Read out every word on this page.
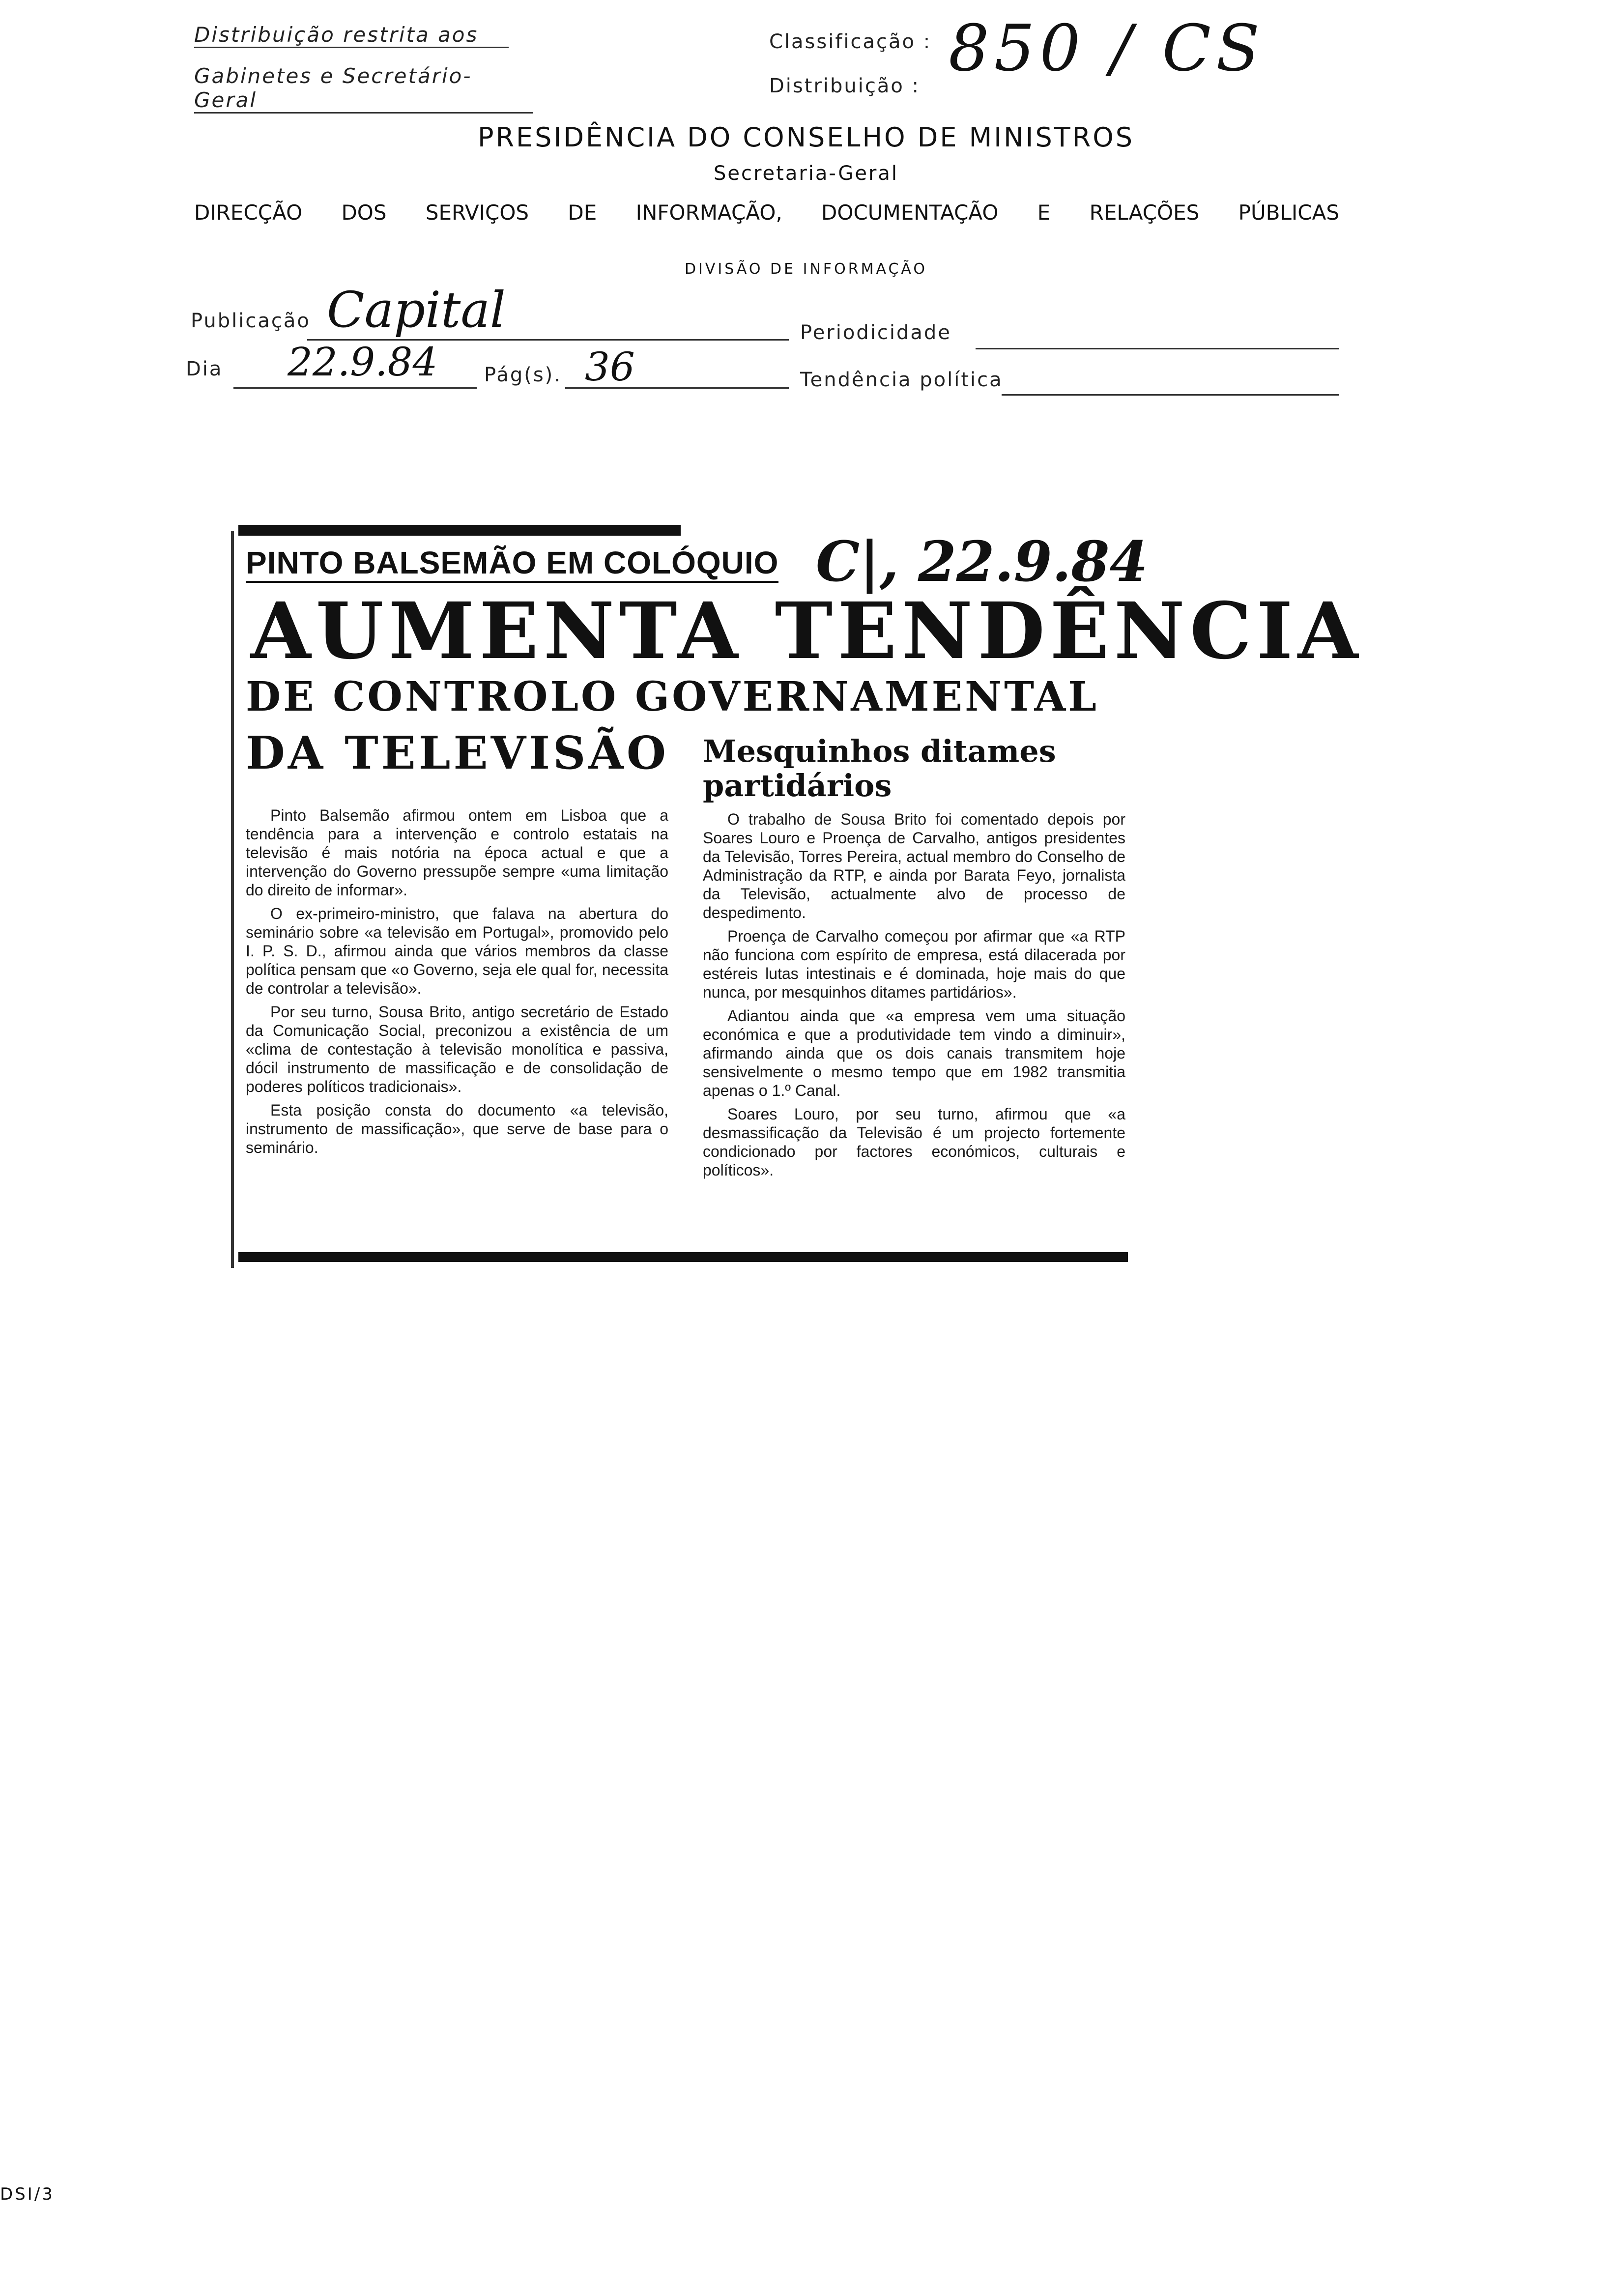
Distribuição restrita aos
Gabinetes e Secretário-Geral
Classificação : 850 / CS
Distribuição :
PRESIDÊNCIA DO CONSELHO DE MINISTROS
Secretaria-Geral
DIRECÇÃO DOS SERVIÇOS DE INFORMAÇÃO, DOCUMENTAÇÃO E RELAÇÕES PÚBLICAS
DIVISÃO DE INFORMAÇÃO
Publicação Capital	Periodicidade
Dia 22.9.84 Pág(s). 36	Tendência política
PINTO BALSEMÃO EM COLÓQUIO C|, 22.9.84
AUMENTA TENDÊNCIA
DE CONTROLO GOVERNAMENTAL
DA TELEVISÃO Mesquinhos ditames partidários

Pinto Balsemão afirmou ontem em Lisboa que a tendência para a intervenção e controlo estatais na televisão é mais notória na época actual e que a intervenção do Governo pressupõe sempre «uma limitação do direito de informar».

O ex-primeiro-ministro, que falava na abertura do seminário sobre «a televisão em Portugal», promovido pelo I. P. S. D., afirmou ainda que vários membros da classe política pensam que «o Governo, seja ele qual for, necessita de controlar a televisão».

Por seu turno, Sousa Brito, antigo secretário de Estado da Comunicação Social, preconizou a existência de um «clima de contestação à televisão monolítica e passiva, dócil instrumento de massificação e de consolidação de poderes políticos tradicionais».

Esta posição consta do documento «a televisão, instrumento de massificação», que serve de base para o seminário.

O trabalho de Sousa Brito foi comentado depois por Soares Louro e Proença de Carvalho, antigos presidentes da Televisão, Torres Pereira, actual membro do Conselho de Administração da RTP, e ainda por Barata Feyo, jornalista da Televisão, actualmente alvo de processo de despedimento.

Proença de Carvalho começou por afirmar que «a RTP não funciona com espírito de empresa, está dilacerada por estéreis lutas intestinais e é dominada, hoje mais do que nunca, por mesquinhos ditames partidários».

Adiantou ainda que «a empresa vem uma situação económica e que a produtividade tem vindo a diminuir», afirmando ainda que os dois canais transmitem hoje sensivelmente o mesmo tempo que em 1982 transmitia apenas o 1.º Canal.

Soares Louro, por seu turno, afirmou que «a desmassificação da Televisão é um projecto fortemente condicionado por factores económicos, culturais e políticos».

DSI/3
